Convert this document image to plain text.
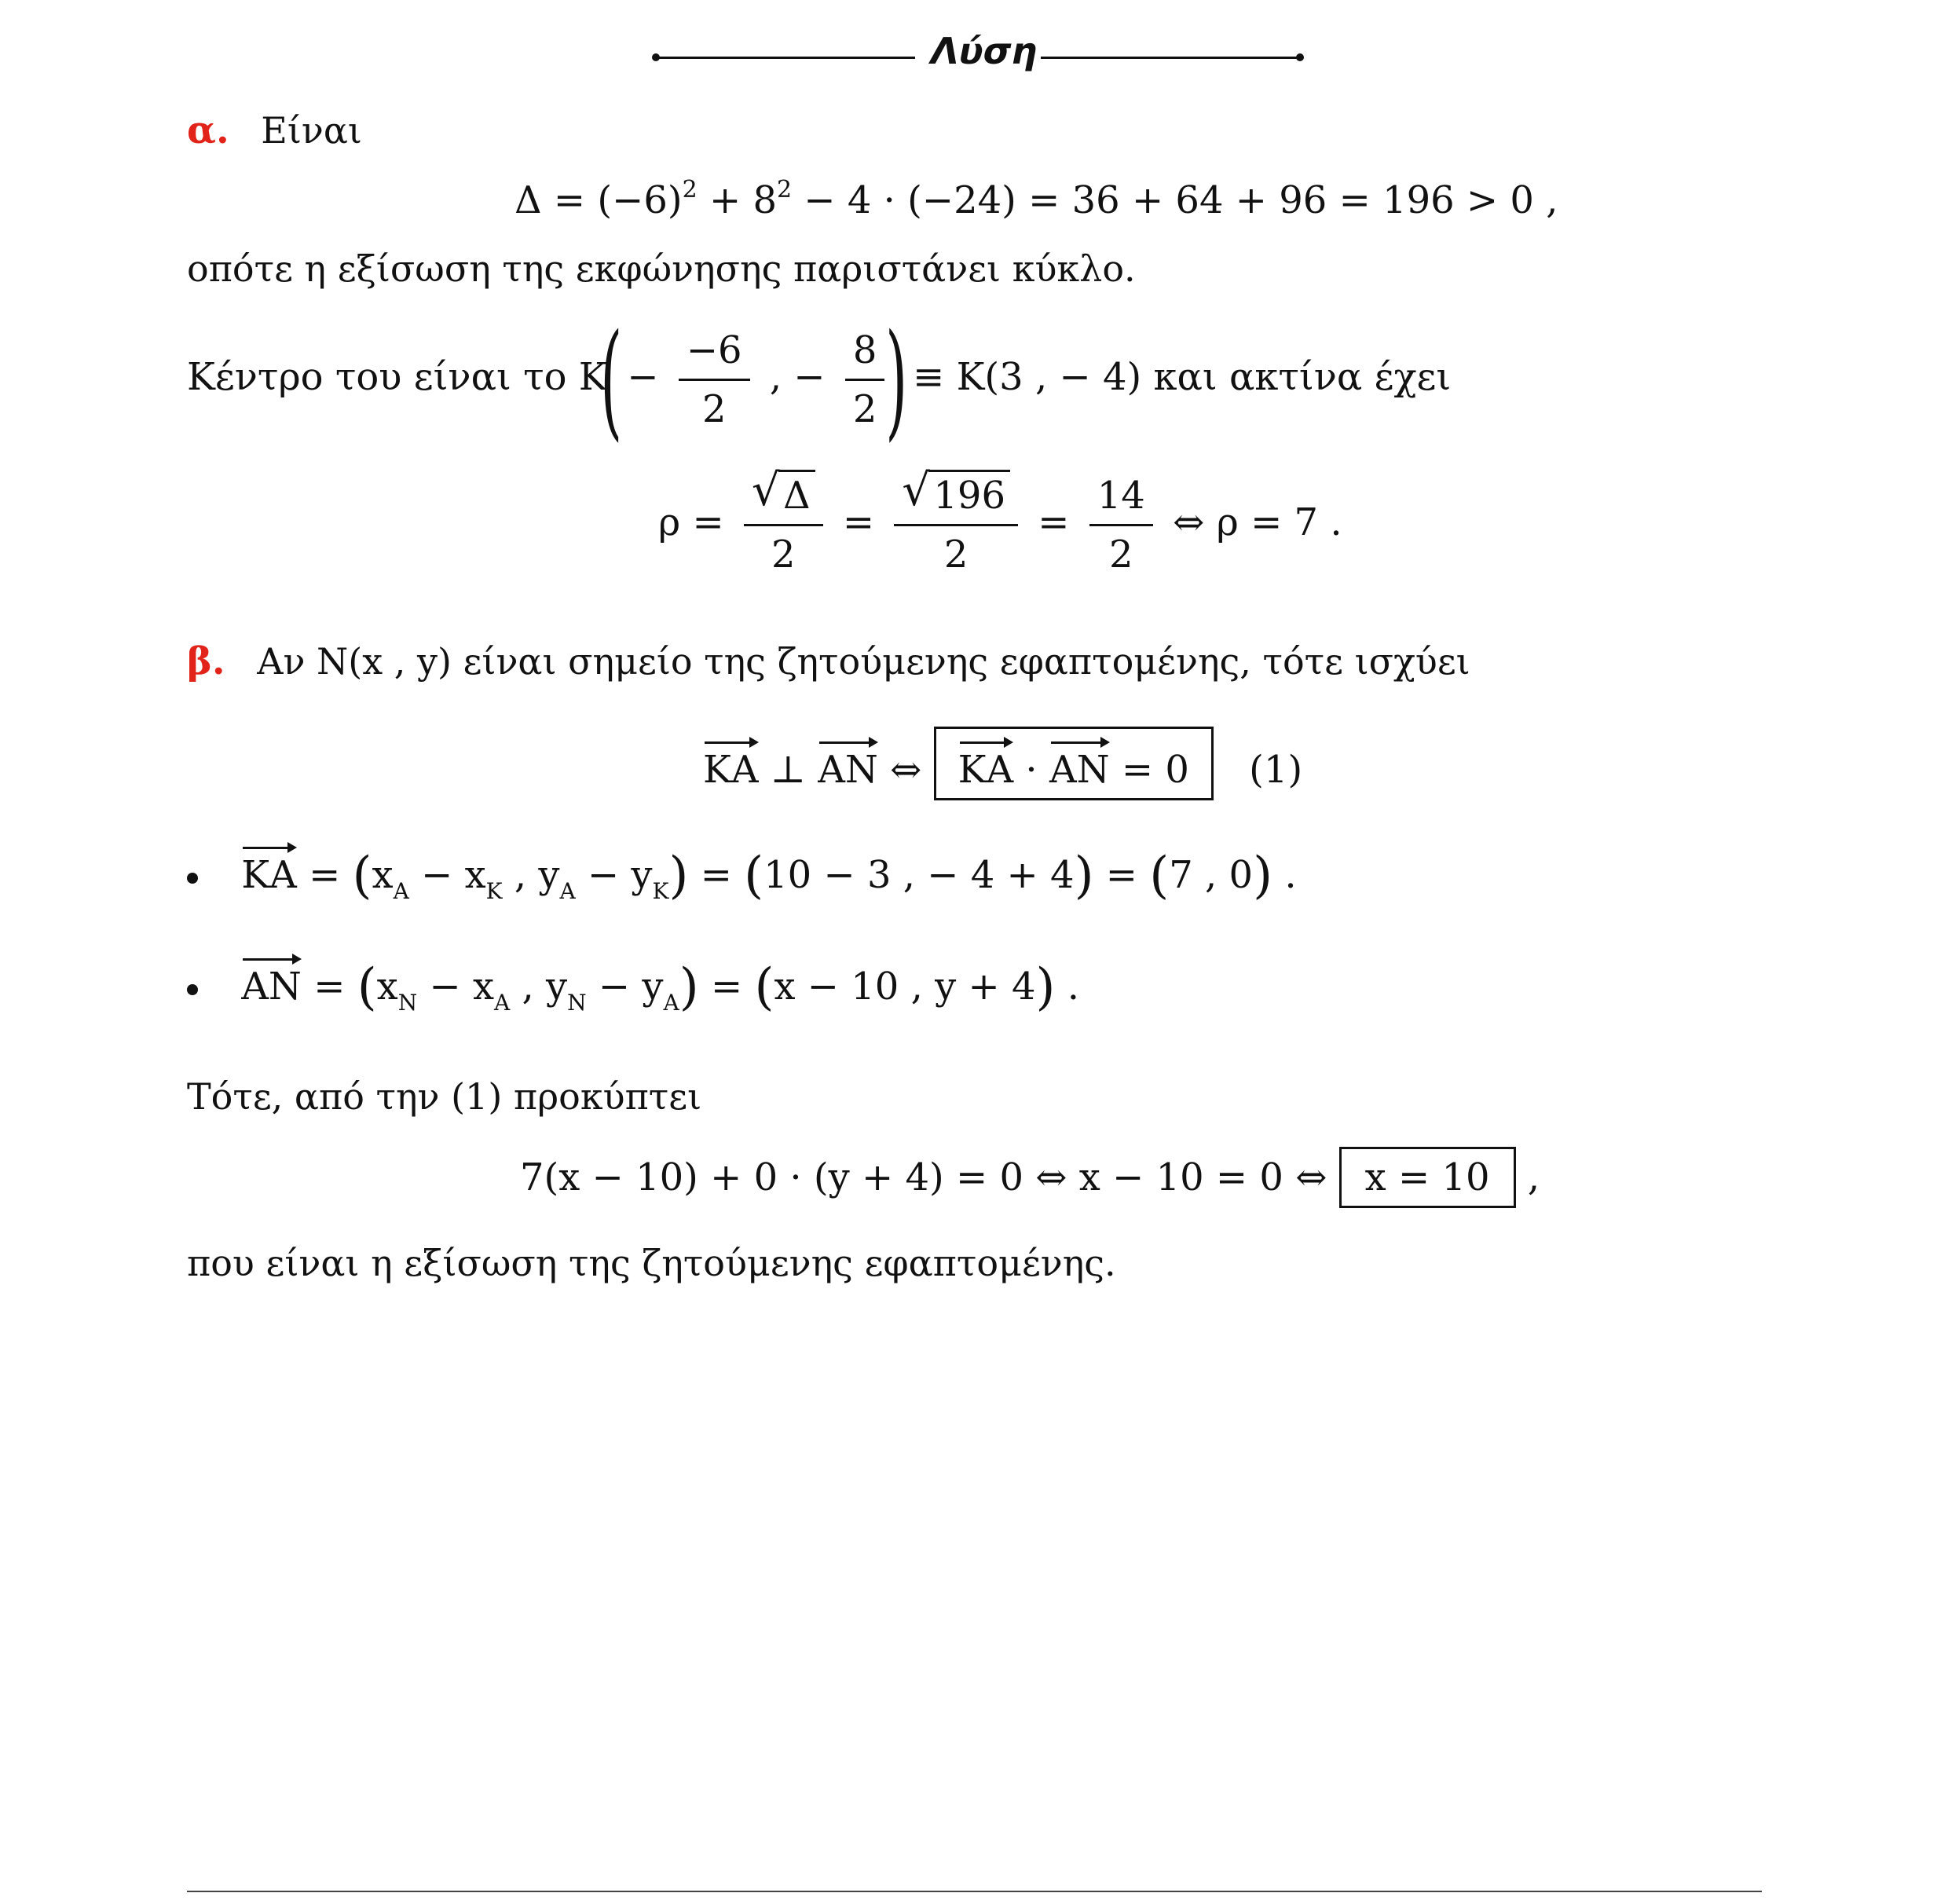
Λύση
α. Είναι
$\Delta = (-6)^2 + 8^2 - 4 \cdot (-24) = 36 + 64 + 96 = 196 > 0$ ,
οπότε η εξίσωση της εκφώνησης παριστάνει κύκλο.
Κέντρο του είναι το $K( - \frac{-6}{2}$ , − $\frac{8}{2}$ ) ≡ Κ(3 , − 4) και ακτίνα έχει
$\rho = \frac{√ \Delta}{2} = \frac{√ 196}{2} = \frac{14}{2}$ ⇔ ρ = 7 .
β. Αν Ν(x , y) είναι σημείο της ζητούμενης εφαπτομένης, τότε ισχύει
ΚΑ ⊥ ΑΝ ⇔ ΚΑ · ΑΝ = 0 (1)
$KA = (x_A - x_K$ , $y_A - y_K) = (10 - 3$ , − 4 + 4) = (7 , 0) .
$AN = (x_N - x_A$ , $y_N - y_A) = (x - 10$ , y + 4) .
Τότε, από την (1) προκύπτει
7(x − 10) + 0 · (y + 4) = 0 ⇔ x − 10 = 0 ⇔ x = 10 ,
που είναι η εξίσωση της ζητούμενης εφαπτομένης.
